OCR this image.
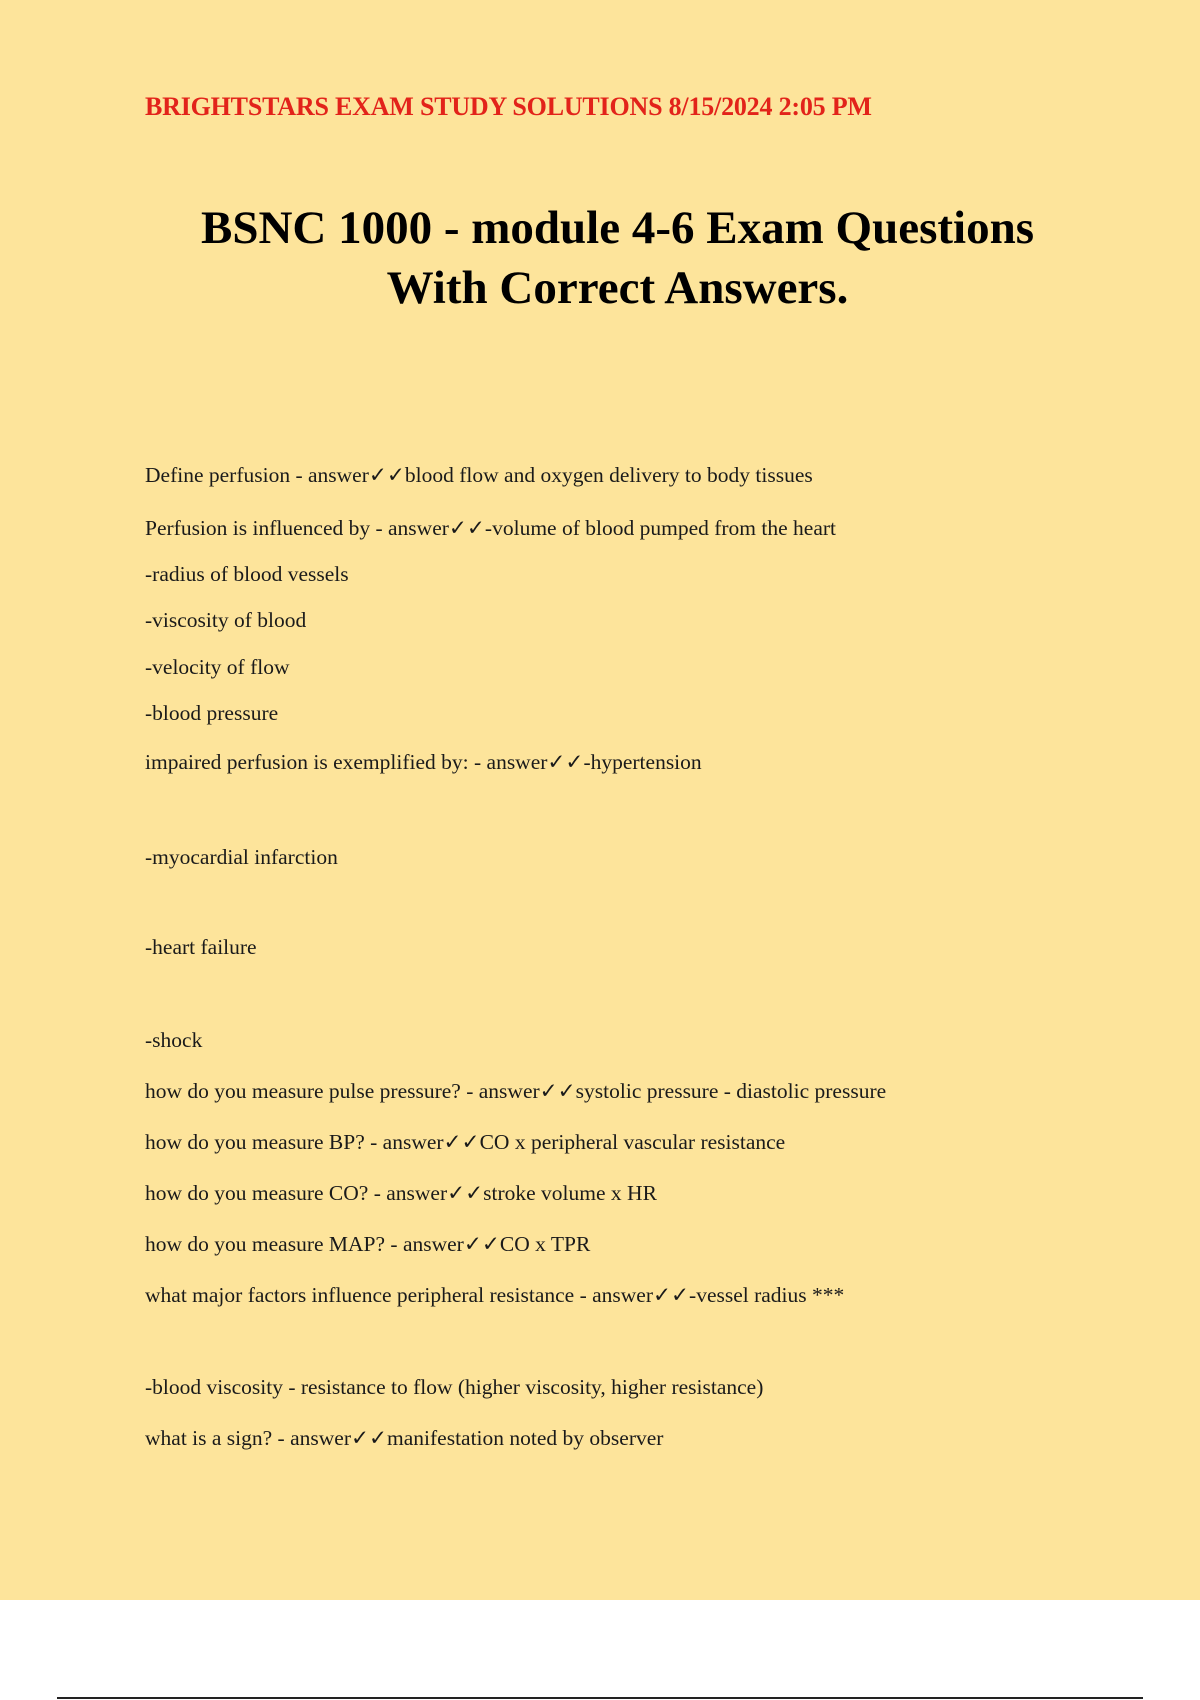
BRIGHTSTARS EXAM STUDY SOLUTIONS 8/15/2024 2:05 PM
BSNC 1000 - module 4-6 Exam Questions
With Correct Answers.
Define perfusion - answer✓✓blood flow and oxygen delivery to body tissues
Perfusion is influenced by - answer✓✓-volume of blood pumped from the heart
-radius of blood vessels
-viscosity of blood
-velocity of flow
-blood pressure
impaired perfusion is exemplified by: - answer✓✓-hypertension
-myocardial infarction
-heart failure
-shock
how do you measure pulse pressure? - answer✓✓systolic pressure - diastolic pressure
how do you measure BP? - answer✓✓CO x peripheral vascular resistance
how do you measure CO? - answer✓✓stroke volume x HR
how do you measure MAP? - answer✓✓CO x TPR
what major factors influence peripheral resistance - answer✓✓-vessel radius ***
-blood viscosity - resistance to flow (higher viscosity, higher resistance)
what is a sign? - answer✓✓manifestation noted by observer
